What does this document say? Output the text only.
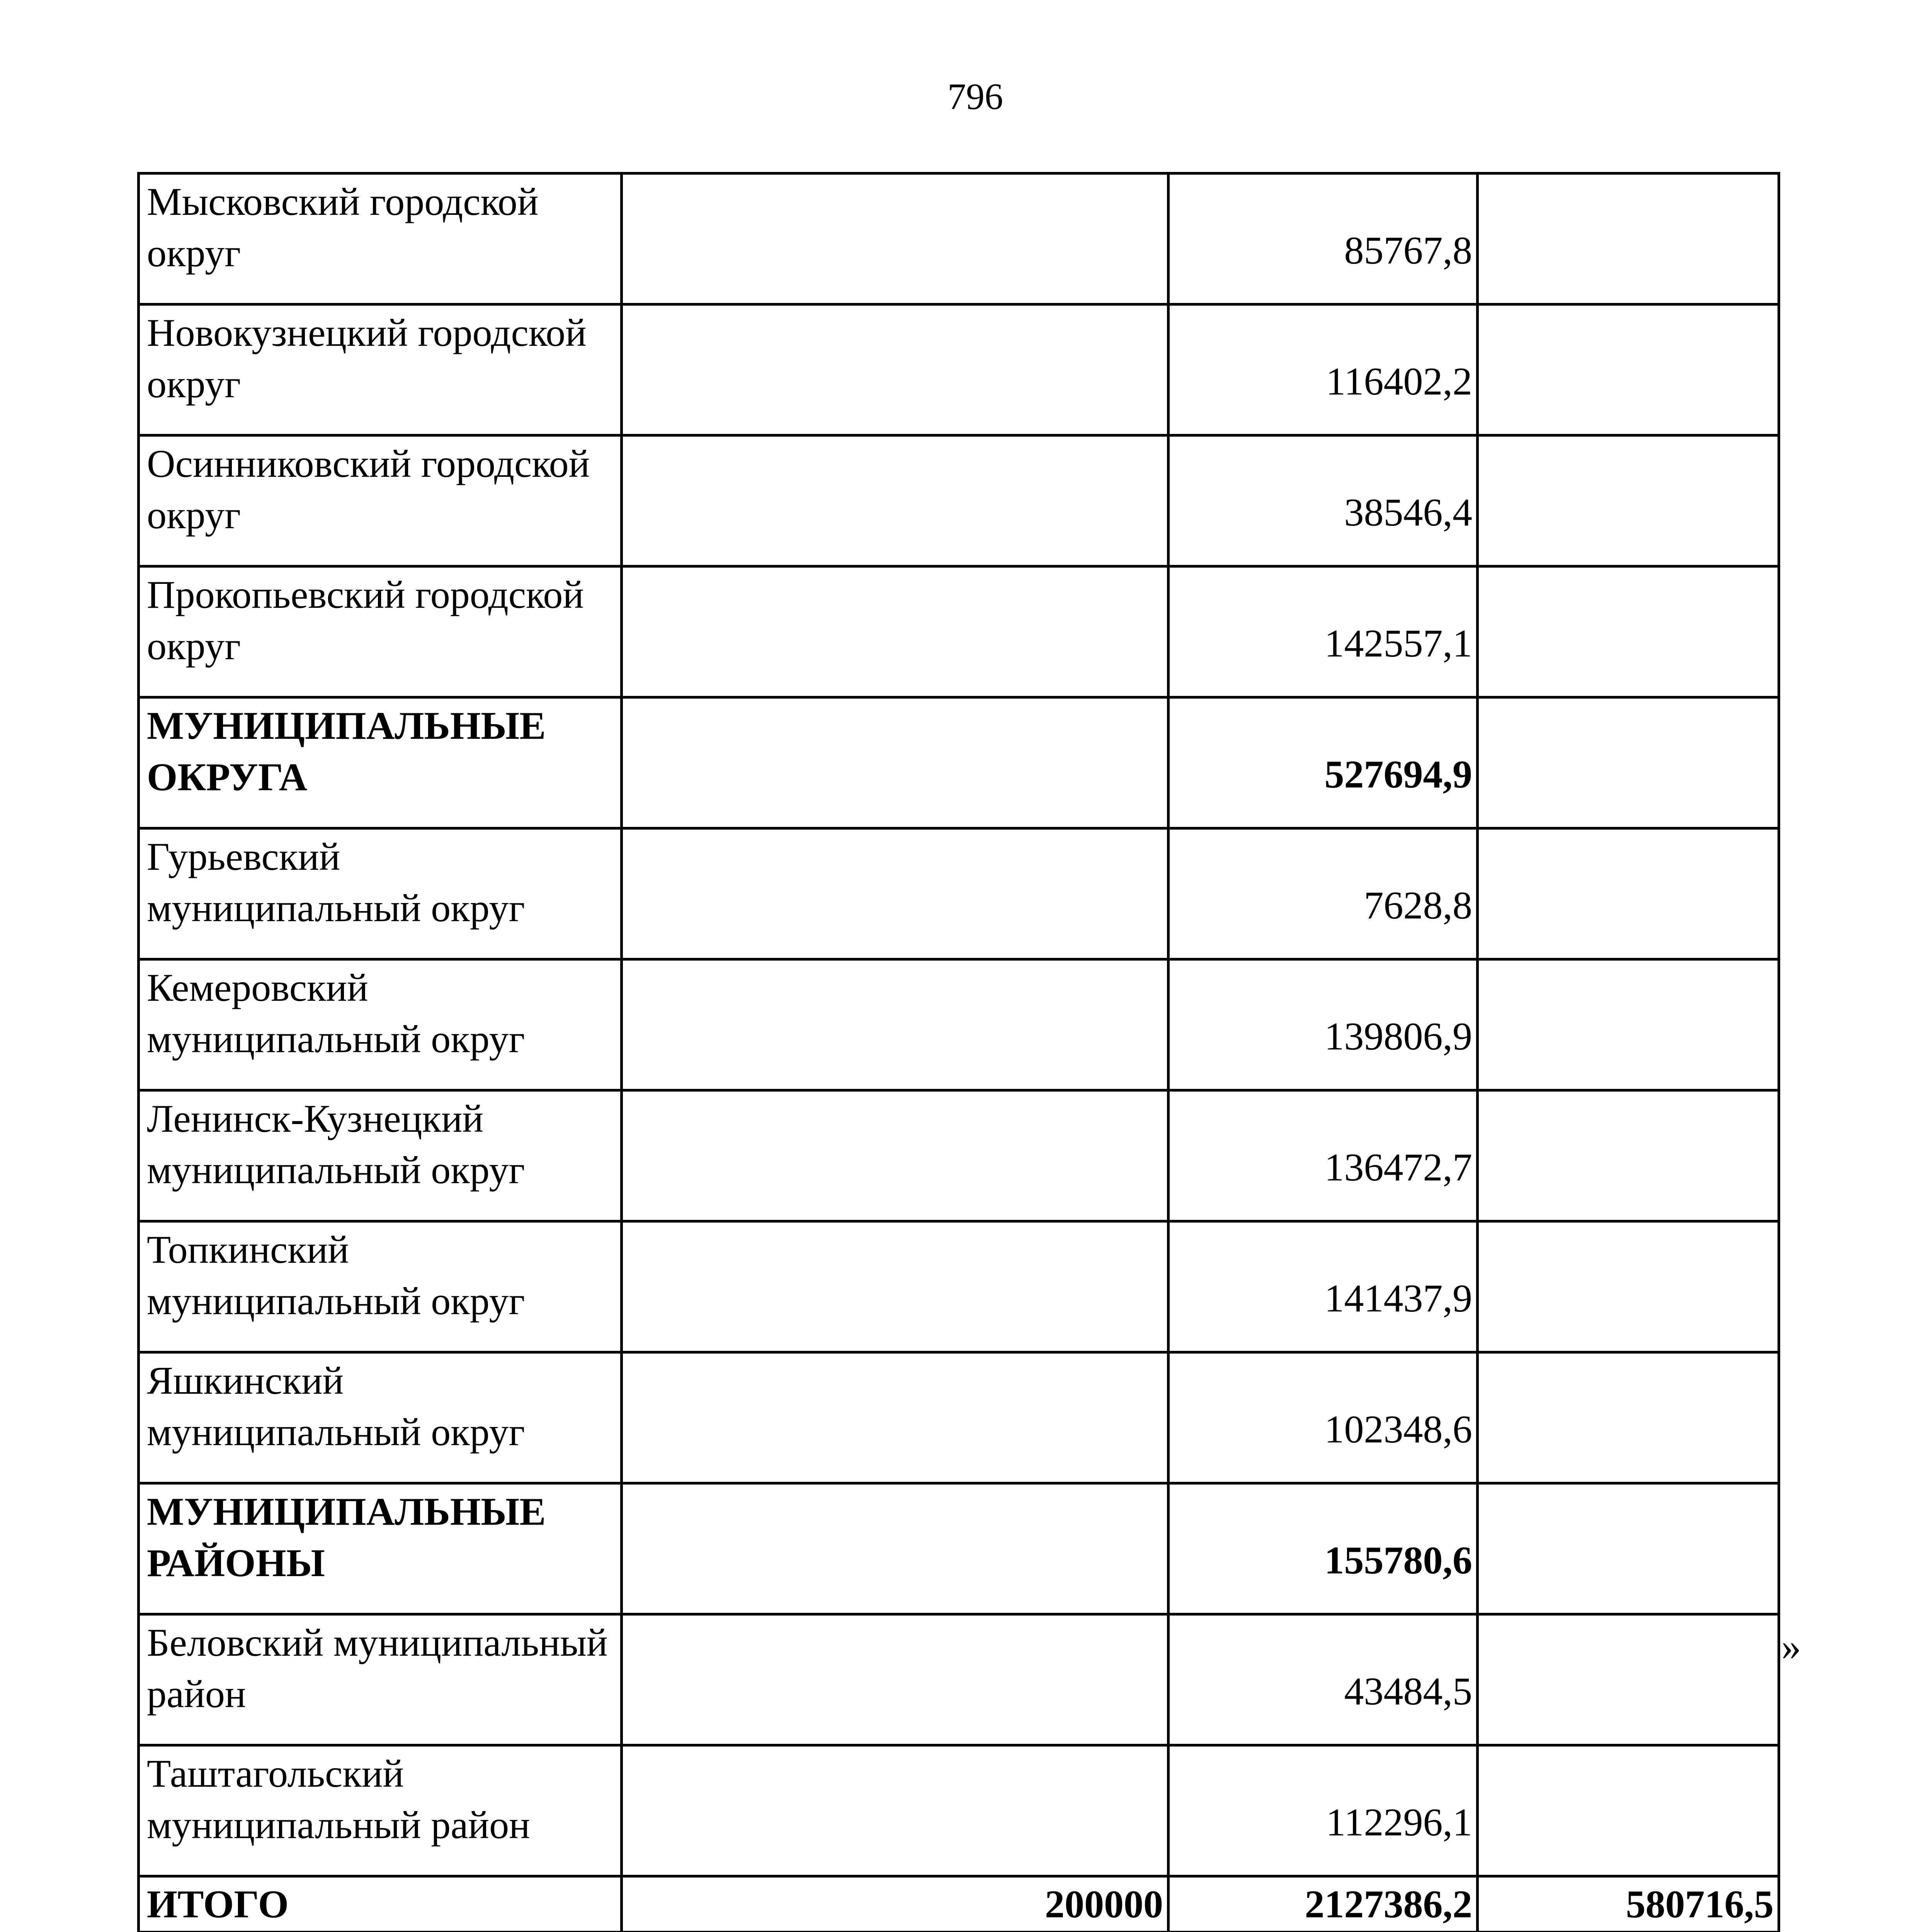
796
Мысковский городской округ		85767,8	
Новокузнецкий городской округ		116402,2	
Осинниковский городской округ		38546,4	
Прокопьевский городской округ		142557,1	
МУНИЦИПАЛЬНЫЕ ОКРУГА		527694,9	
Гурьевский муниципальный округ		7628,8	
Кемеровский муниципальный округ		139806,9	
Ленинск-Кузнецкий муниципальный округ		136472,7	
Топкинский муниципальный округ		141437,9	
Яшкинский муниципальный округ		102348,6	
МУНИЦИПАЛЬНЫЕ РАЙОНЫ		155780,6	
Беловский муниципальный район		43484,5	
Таштагольский муниципальный район		112296,1	
ИТОГО	200000	2127386,2	580716,5
»
